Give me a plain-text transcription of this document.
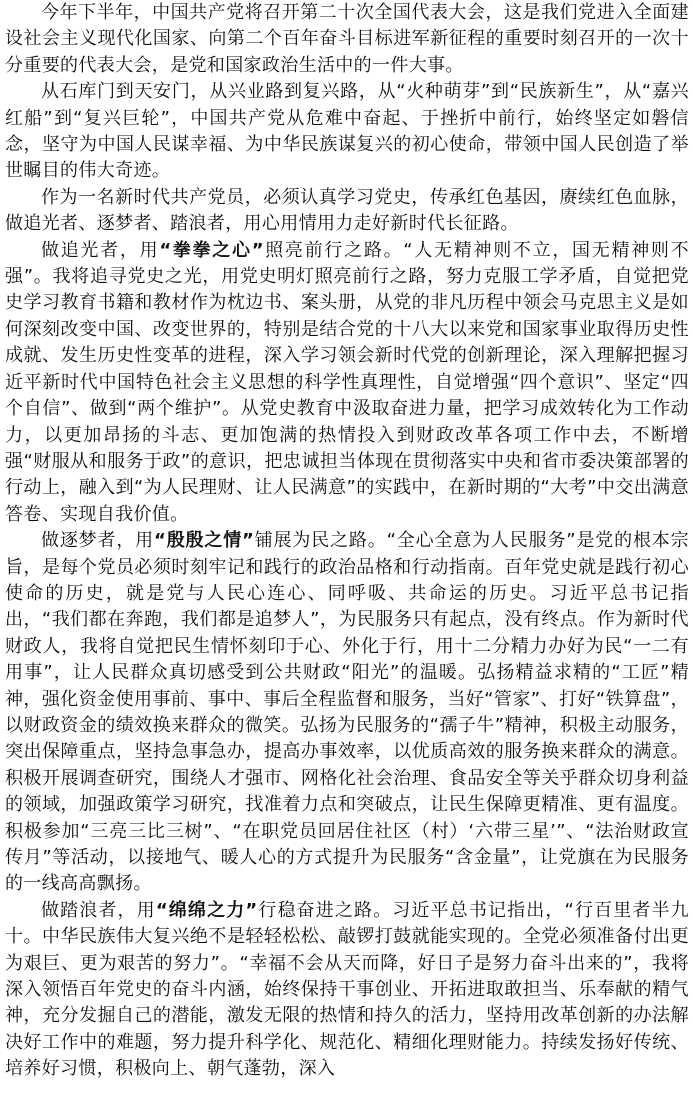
今年下半年，中国共产党将召开第二十次全国代表大会，这是我们党进入全面建设社会主义现代化国家、向第二个百年奋斗目标进军新征程的重要时刻召开的一次十分重要的代表大会，是党和国家政治生活中的一件大事。

从石库门到天安门，从兴业路到复兴路，从“火种萌芽”到“民族新生”，从“嘉兴红船”到“复兴巨轮”，中国共产党从危难中奋起、于挫折中前行，始终坚定如磐信念，坚守为中国人民谋幸福、为中华民族谋复兴的初心使命，带领中国人民创造了举世瞩目的伟大奇迹。

作为一名新时代共产党员，必须认真学习党史，传承红色基因，赓续红色血脉，做追光者、逐梦者、踏浪者，用心用情用力走好新时代长征路。

做追光者，用“拳拳之心”照亮前行之路。“人无精神则不立，国无精神则不强”。我将追寻党史之光，用党史明灯照亮前行之路，努力克服工学矛盾，自觉把党史学习教育书籍和教材作为枕边书、案头册，从党的非凡历程中领会马克思主义是如何深刻改变中国、改变世界的，特别是结合党的十八大以来党和国家事业取得历史性成就、发生历史性变革的进程，深入学习领会新时代党的创新理论，深入理解把握习近平新时代中国特色社会主义思想的科学性真理性，自觉增强“四个意识”、坚定“四个自信”、做到“两个维护”。从党史教育中汲取奋进力量，把学习成效转化为工作动力，以更加昂扬的斗志、更加饱满的热情投入到财政改革各项工作中去，不断增强“财服从和服务于政”的意识，把忠诚担当体现在贯彻落实中央和省市委决策部署的行动上，融入到“为人民理财、让人民满意”的实践中，在新时期的“大考”中交出满意答卷、实现自我价值。

做逐梦者，用“殷殷之情”铺展为民之路。“全心全意为人民服务”是党的根本宗旨，是每个党员必须时刻牢记和践行的政治品格和行动指南。百年党史就是践行初心使命的历史，就是党与人民心连心、同呼吸、共命运的历史。习近平总书记指出，“我们都在奔跑，我们都是追梦人”，为民服务只有起点，没有终点。作为新时代财政人，我将自觉把民生情怀刻印于心、外化于行，用十二分精力办好为民“一二有用事”，让人民群众真切感受到公共财政“阳光”的温暖。弘扬精益求精的“工匠”精神，强化资金使用事前、事中、事后全程监督和服务，当好“管家”、打好“铁算盘”，以财政资金的绩效换来群众的微笑。弘扬为民服务的“孺子牛”精神，积极主动服务，突出保障重点，坚持急事急办，提高办事效率，以优质高效的服务换来群众的满意。积极开展调查研究，围绕人才强市、网格化社会治理、食品安全等关乎群众切身利益的领域，加强政策学习研究，找准着力点和突破点，让民生保障更精准、更有温度。积极参加“三亮三比三树”、“在职党员回居住社区（村）‘六带三星’”、“法治财政宣传月”等活动，以接地气、暖人心的方式提升为民服务“含金量”，让党旗在为民服务的一线高高飘扬。

做踏浪者，用“绵绵之力”行稳奋进之路。习近平总书记指出，“行百里者半九十。中华民族伟大复兴绝不是轻轻松松、敲锣打鼓就能实现的。全党必须准备付出更为艰巨、更为艰苦的努力”。“幸福不会从天而降，好日子是努力奋斗出来的”，我将深入领悟百年党史的奋斗内涵，始终保持干事创业、开拓进取敢担当、乐奉献的精气神，充分发掘自己的潜能，激发无限的热情和持久的活力，坚持用改革创新的办法解决好工作中的难题，努力提升科学化、规范化、精细化理财能力。持续发扬好传统、培养好习惯，积极向上、朝气蓬勃，深入
